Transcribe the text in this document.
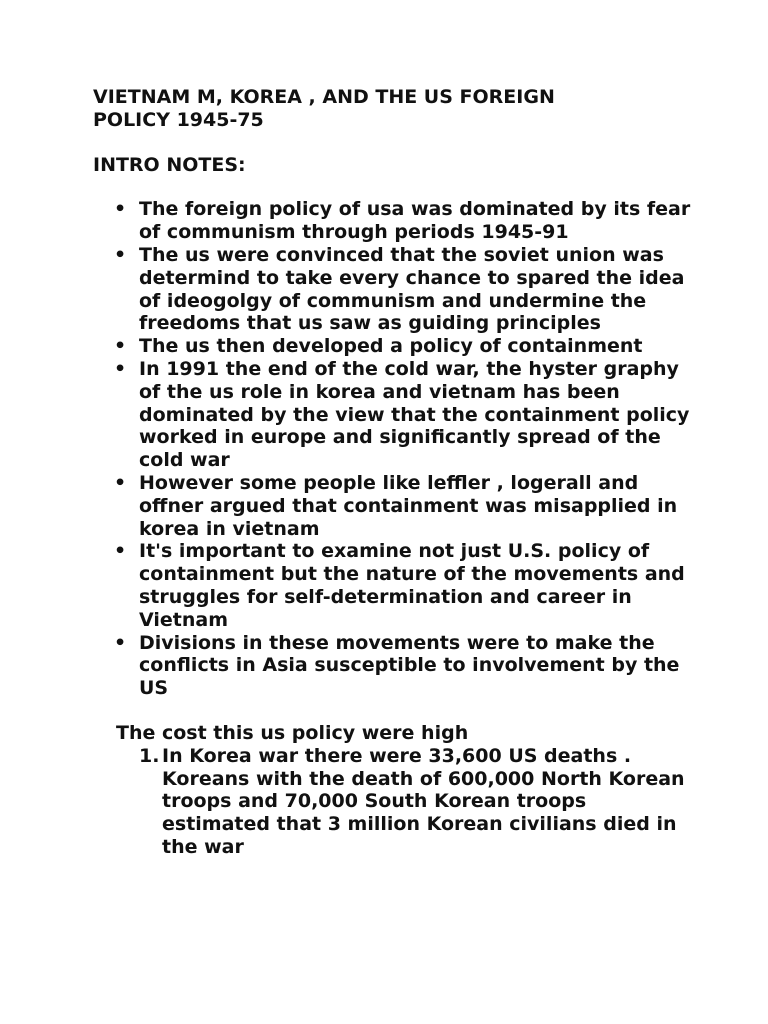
VIETNAM M, KOREA , AND THE US FOREIGN
POLICY 1945-75
INTRO NOTES:
• The foreign policy of usa was dominated by its fear of communism through periods 1945-91
• The us were convinced that the soviet union was determind to take every chance to spared the idea of ideogolgy of communism and undermine the freedoms that us saw as guiding principles
• The us then developed a policy of containment
• In 1991 the end of the cold war, the hyster graphy of the us role in korea and vietnam has been dominated by the view that the containment policy worked in europe and significantly spread of the cold war
• However some people like leffler , logerall and offner argued that containment was misapplied in korea in vietnam
• It's important to examine not just U.S. policy of containment but the nature of the movements and struggles for self-determination and career in Vietnam
• Divisions in these movements were to make the conflicts in Asia susceptible to involvement by the US
The cost this us policy were high
1. In Korea war there were 33,600 US deaths . Koreans with the death of 600,000 North Korean troops and 70,000 South Korean troops estimated that 3 million Korean civilians died in the war
